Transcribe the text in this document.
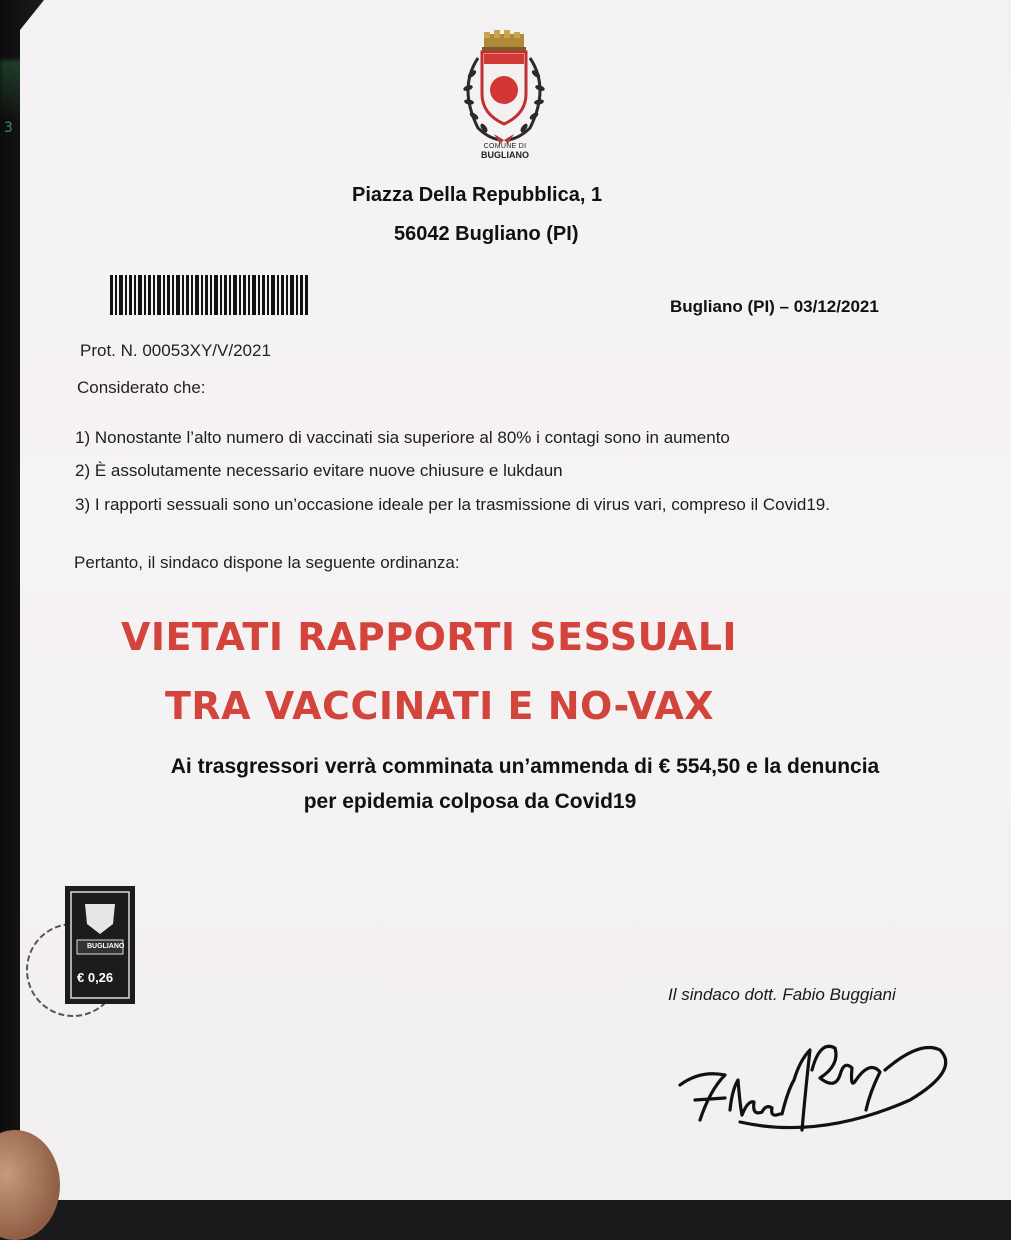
3
COMUNE DI
BUGLIANO
Piazza Della Repubblica, 1
56042 Bugliano (PI)
Bugliano (PI) – 03/12/2021
Prot. N. 00053XY/V/2021
Considerato che:
1) Nonostante l’alto numero di vaccinati sia superiore al 80% i contagi sono in aumento
2) È assolutamente necessario evitare nuove chiusure e lukdaun
3) I rapporti sessuali sono un’occasione ideale per la trasmissione di virus vari, compreso il Covid19.
Pertanto, il sindaco dispone la seguente ordinanza:
VIETATI RAPPORTI SESSUALI
TRA VACCINATI E NO-VAX
Ai trasgressori verrà comminata un’ammenda di € 554,50 e la denuncia
per epidemia colposa da Covid19
BUGLIANO
€ 0,26
Il sindaco dott. Fabio Buggiani
